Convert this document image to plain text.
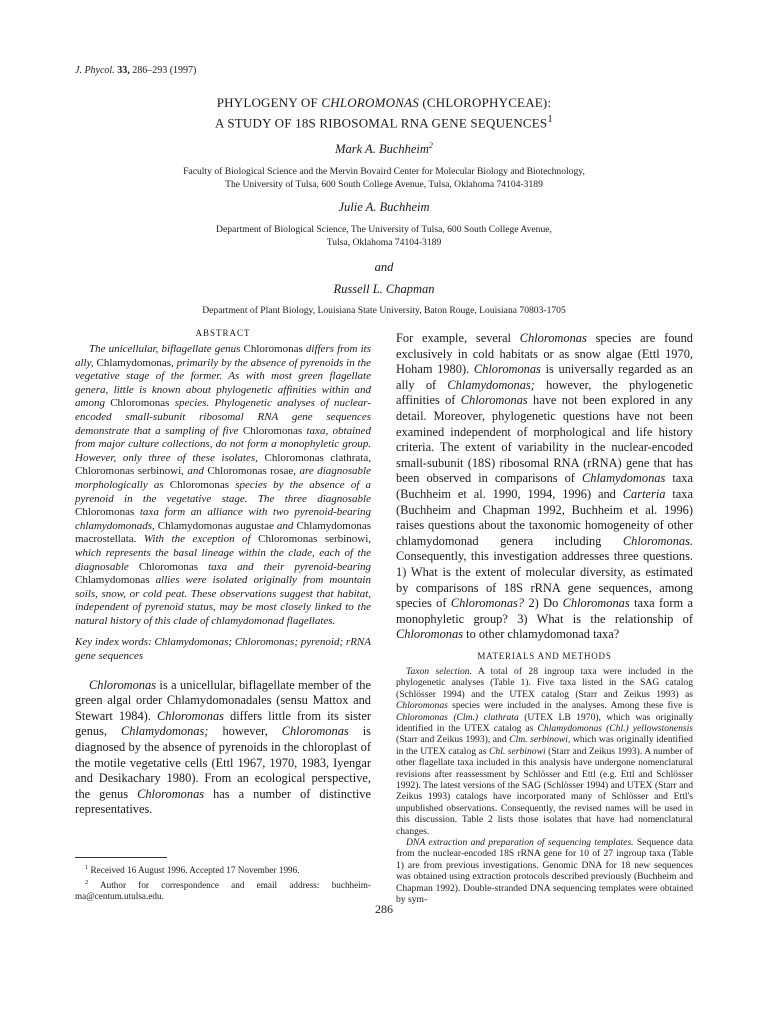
J. Phycol. 33, 286–293 (1997)
PHYLOGENY OF CHLOROMONAS (CHLOROPHYCEAE):
A STUDY OF 18S RIBOSOMAL RNA GENE SEQUENCES$^1$
Mark A. Buchheim$^2$
Faculty of Biological Science and the Mervin Bovaird Center for Molecular Biology and Biotechnology,
The University of Tulsa, 600 South College Avenue, Tulsa, Oklahoma 74104-3189
Julie A. Buchheim
Department of Biological Science, The University of Tulsa, 600 South College Avenue,
Tulsa, Oklahoma 74104-3189
and
Russell L. Chapman
Department of Plant Biology, Louisiana State University, Baton Rouge, Louisiana 70803-1705
ABSTRACT

The unicellular, biflagellate genus Chloromonas differs from its ally, Chlamydomonas, primarily by the absence of pyrenoids in the vegetative stage of the former. As with most green flagellate genera, little is known about phylogenetic affinities within and among Chloromonas species. Phylogenetic analyses of nuclear-encoded small-subunit ribosomal RNA gene sequences demonstrate that a sampling of five Chloromonas taxa, obtained from major culture collections, do not form a monophyletic group. However, only three of these isolates, Chloromonas clathrata, Chloromonas serbinowi, and Chloromonas rosae, are diagnosable morphologically as Chloromonas species by the absence of a pyrenoid in the vegetative stage. The three diagnosable Chloromonas taxa form an alliance with two pyrenoid-bearing chlamydomonads, Chlamydomonas augustae and Chlamydomonas macrostellata. With the exception of Chloromonas serbinowi, which represents the basal lineage within the clade, each of the diagnosable Chloromonas taxa and their pyrenoid-bearing Chlamydomonas allies were isolated originally from mountain soils, snow, or cold peat. These observations suggest that habitat, independent of pyrenoid status, may be most closely linked to the natural history of this clade of chlamydomonad flagellates.

Key index words: Chlamydomonas; Chloromonas; pyrenoid; rRNA gene sequences

Chloromonas is a unicellular, biflagellate member of the green algal order Chlamydomonadales (sensu Mattox and Stewart 1984). Chloromonas differs little from its sister genus, Chlamydomonas; however, Chloromonas is diagnosed by the absence of pyrenoids in the chloroplast of the motile vegetative cells (Ettl 1967, 1970, 1983, Iyengar and Desikachary 1980). From an ecological perspective, the genus Chloromonas has a number of distinctive representatives.

$^1$ Received 16 August 1996. Accepted 17 November 1996.

$^2$ Author for correspondence and email address: buchheim-ma@centum.utulsa.edu.

For example, several Chloromonas species are found exclusively in cold habitats or as snow algae (Ettl 1970, Hoham 1980). Chloromonas is universally regarded as an ally of Chlamydomonas; however, the phylogenetic affinities of Chloromonas have not been explored in any detail. Moreover, phylogenetic questions have not been examined independent of morphological and life history criteria. The extent of variability in the nuclear-encoded small-subunit (18S) ribosomal RNA (rRNA) gene that has been observed in comparisons of Chlamydomonas taxa (Buchheim et al. 1990, 1994, 1996) and Carteria taxa (Buchheim and Chapman 1992, Buchheim et al. 1996) raises questions about the taxonomic homogeneity of other chlamydomonad genera including Chloromonas. Consequently, this investigation addresses three questions. 1) What is the extent of molecular diversity, as estimated by comparisons of 18S rRNA gene sequences, among species of Chloromonas? 2) Do Chloromonas taxa form a monophyletic group? 3) What is the relationship of Chloromonas to other chlamydomonad taxa?

MATERIALS AND METHODS

Taxon selection. A total of 28 ingroup taxa were included in the phylogenetic analyses (Table 1). Five taxa listed in the SAG catalog (Schlösser 1994) and the UTEX catalog (Starr and Zeikus 1993) as Chloromonas species were included in the analyses. Among these five is Chloromonas (Clm.) clathrata (UTEX LB 1970), which was originally identified in the UTEX catalog as Chlamydomonas (Chl.) yellowstonensis (Starr and Zeikus 1993), and Clm. serbinowi, which was originally identified in the UTEX catalog as Chl. serbinowi (Starr and Zeikus 1993). A number of other flagellate taxa included in this analysis have undergone nomenclatural revisions after reassessment by Schlösser and Ettl (e.g. Ettl and Schlösser 1992). The latest versions of the SAG (Schlösser 1994) and UTEX (Starr and Zeikus 1993) catalogs have incorporated many of Schlösser and Ettl's unpublished observations. Consequently, the revised names will be used in this discussion. Table 2 lists those isolates that have had nomenclatural changes.

DNA extraction and preparation of sequencing templates. Sequence data from the nuclear-encoded 18S rRNA gene for 10 of 27 ingroup taxa (Table 1) are from previous investigations. Genomic DNA for 18 new sequences was obtained using extraction protocols described previously (Buchheim and Chapman 1992). Double-stranded DNA sequencing templates were obtained by sym-

286
